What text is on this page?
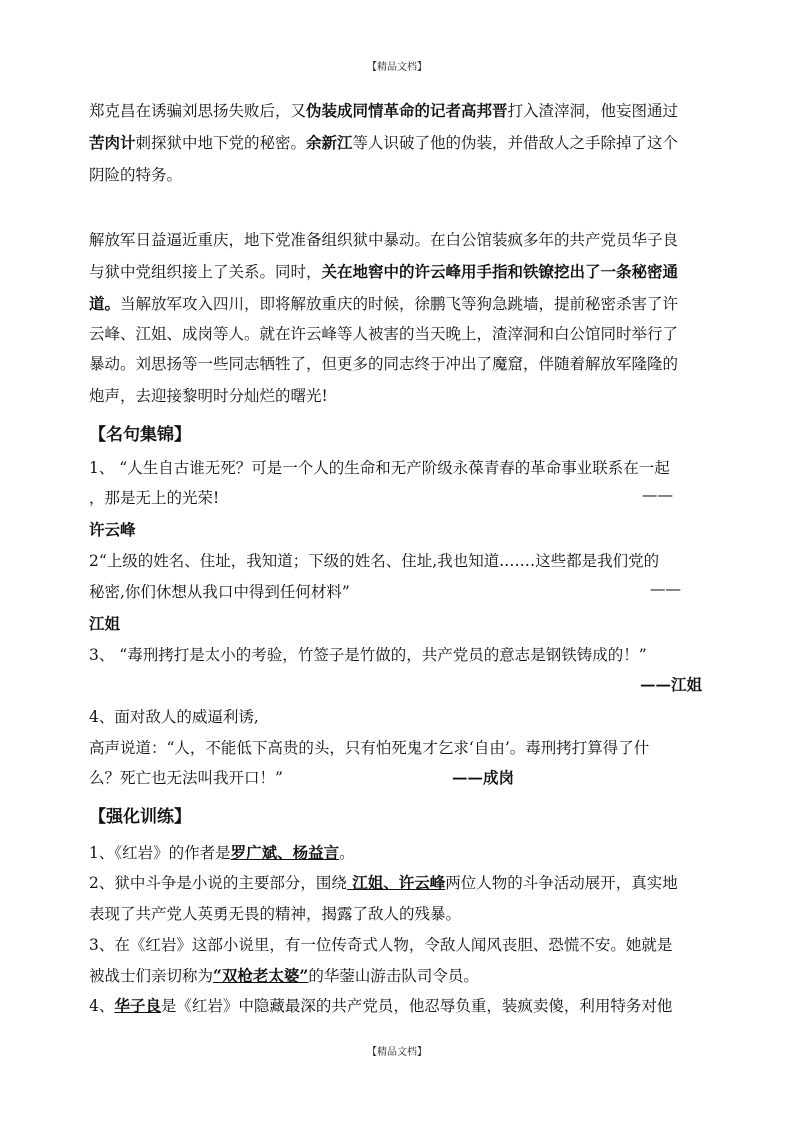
【精品文档】
郑克昌在诱骗刘思扬失败后，又伪装成同情革命的记者高邦晋打入渣滓洞，他妄图通过
苦肉计刺探狱中地下党的秘密。余新江等人识破了他的伪装，并借敌人之手除掉了这个
阴险的特务。
解放军日益逼近重庆，地下党准备组织狱中暴动。在白公馆装疯多年的共产党员华子良
与狱中党组织接上了关系。同时，关在地窖中的许云峰用手指和铁镣挖出了一条秘密通
道。当解放军攻入四川，即将解放重庆的时候，徐鹏飞等狗急跳墙，提前秘密杀害了许
云峰、江姐、成岗等人。就在许云峰等人被害的当天晚上，渣滓洞和白公馆同时举行了
暴动。刘思扬等一些同志牺牲了，但更多的同志终于冲出了魔窟，伴随着解放军隆隆的
炮声，去迎接黎明时分灿烂的曙光!
【名句集锦】
1、 “人生自古谁无死？可是一个人的生命和无产阶级永葆青春的革命事业联系在一起
，那是无上的光荣!	——
许云峰
2“上级的姓名、住址，我知道；下级的姓名、住址,我也知道.……这些都是我们党的
秘密,你们休想从我口中得到任何材料”	——
江姐
3、 “毒刑拷打是太小的考验，竹签子是竹做的，共产党员的意志是钢铁铸成的！”
——江姐
4、面对敌人的威逼利诱,
高声说道：“人，不能低下高贵的头，只有怕死鬼才乞求‘自由’。毒刑拷打算得了什
么？死亡也无法叫我开口！”	——成岗
【强化训练】
1、《红岩》的作者是罗广斌、杨益言。
2、狱中斗争是小说的主要部分，围绕 江姐、许云峰两位人物的斗争活动展开，真实地
表现了共产党人英勇无畏的精神，揭露了敌人的残暴。
3、在《红岩》这部小说里，有一位传奇式人物，令敌人闻风丧胆、恐慌不安。她就是
被战士们亲切称为“双枪老太婆”的华蓥山游击队司令员。
4、华子良是《红岩》中隐藏最深的共产党员，他忍辱负重，装疯卖傻，利用特务对他
【精品文档】
